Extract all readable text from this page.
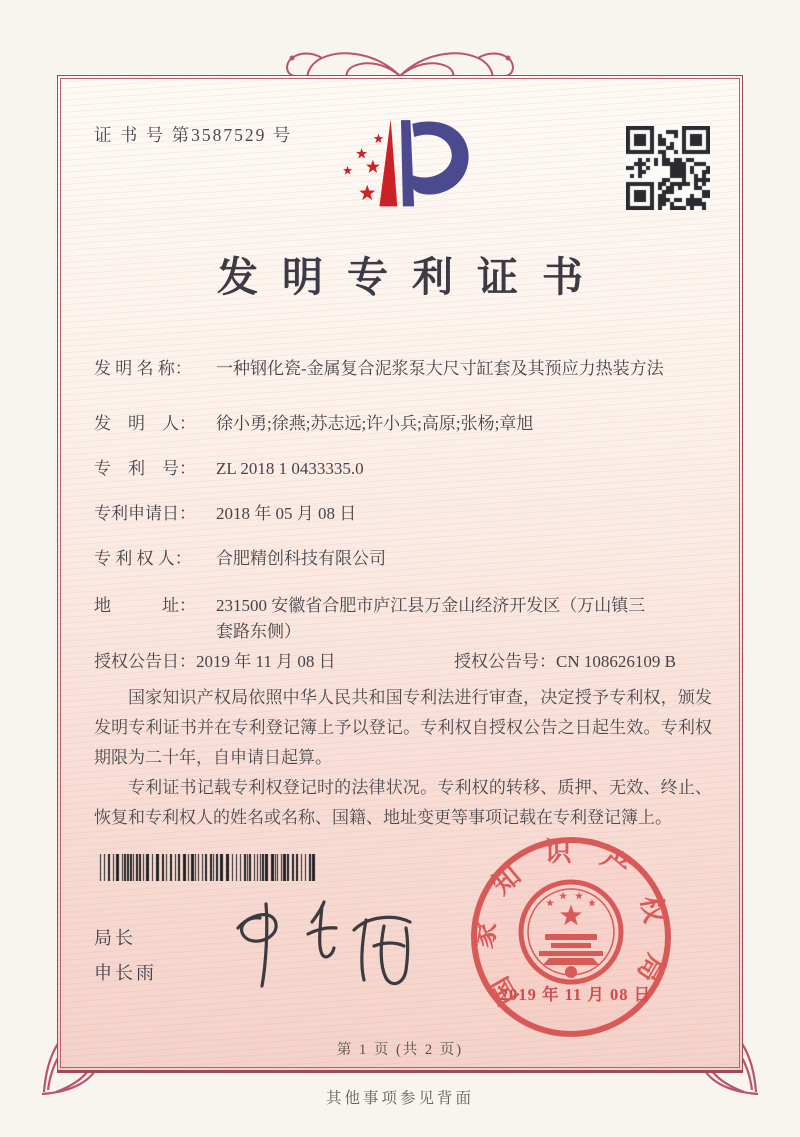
证 书 号 第3587529 号
发明专利证书
发 明 名 称： 一种钢化瓷-金属复合泥浆泵大尺寸缸套及其预应力热装方法
发　明　人： 徐小勇;徐燕;苏志远;许小兵;高原;张杨;章旭
专　利　号： ZL 2018 1 0433335.0
专利申请日： 2018 年 05 月 08 日
专 利 权 人： 合肥精创科技有限公司
地　　　址： 231500 安徽省合肥市庐江县万金山经济开发区（万山镇三套路东侧）
授权公告日：2019 年 11 月 08 日	授权公告号：CN 108626109 B

国家知识产权局依照中华人民共和国专利法进行审查，决定授予专利权，颁发发明专利证书并在专利登记簿上予以登记。专利权自授权公告之日起生效。专利权期限为二十年，自申请日起算。

专利证书记载专利权登记时的法律状况。专利权的转移、质押、无效、终止、恢复和专利权人的姓名或名称、国籍、地址变更等事项记载在专利登记簿上。

局长
申长雨	国家知识产权局
2019 年 11 月 08 日
第 1 页 (共 2 页)
其他事项参见背面
